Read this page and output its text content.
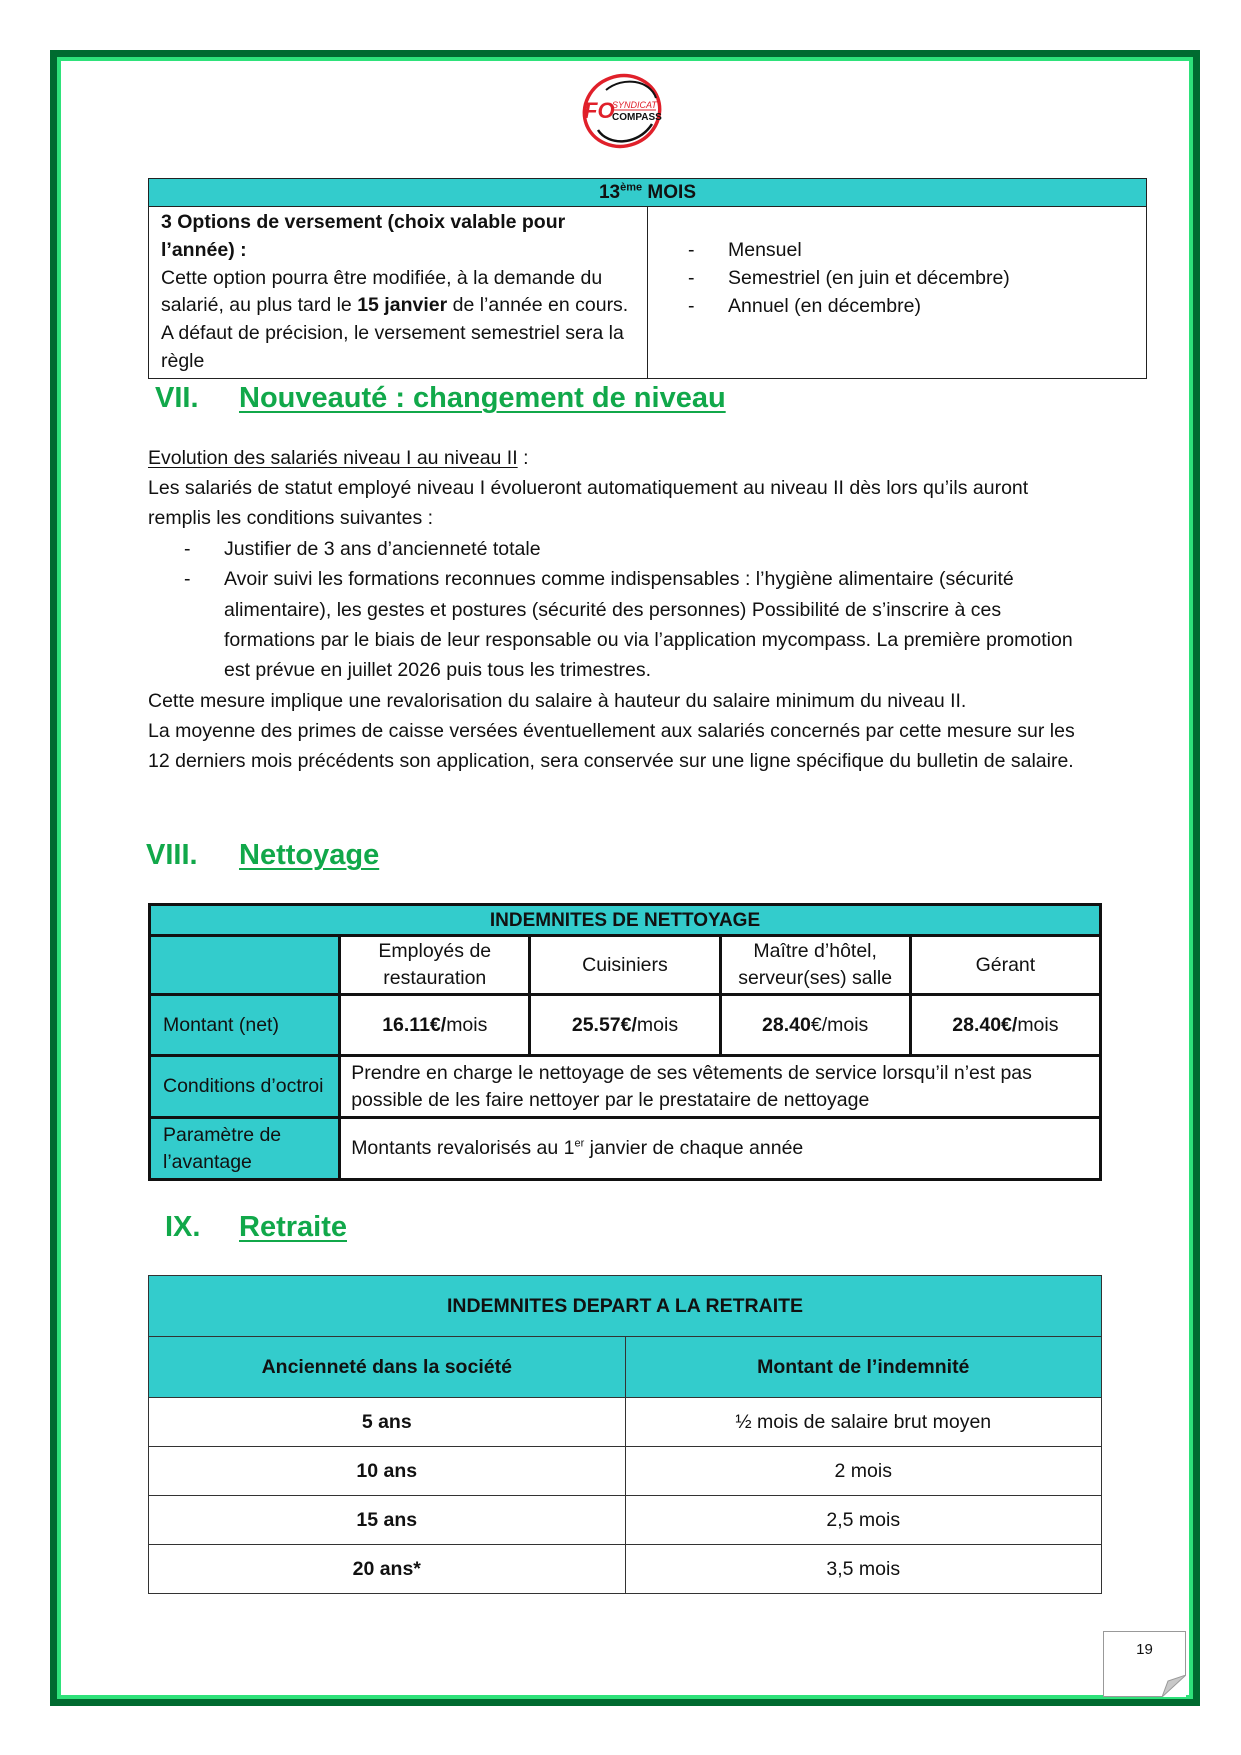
FO
SYNDICAT
COMPASS
13ème MOIS
3 Options de versement (choix valable pour l’année) :
Cette option pourra être modifiée, à la demande du salarié, au plus tard le 15 janvier de l’année en cours. A défaut de précision, le versement semestriel sera la règle	
-	Mensuel
-	Semestriel (en juin et décembre)
-	Annuel (en décembre)
VII. Nouveauté : changement de niveau
Evolution des salariés niveau I au niveau II :
Les salariés de statut employé niveau I évolueront automatiquement au niveau II dès lors qu’ils auront remplis les conditions suivantes :
-	Justifier de 3 ans d’ancienneté totale
-	Avoir suivi les formations reconnues comme indispensables : l’hygiène alimentaire (sécurité alimentaire), les gestes et postures (sécurité des personnes) Possibilité de s’inscrire à ces formations par le biais de leur responsable ou via l’application mycompass. La première promotion est prévue en juillet 2026 puis tous les trimestres.
Cette mesure implique une revalorisation du salaire à hauteur du salaire minimum du niveau II.
La moyenne des primes de caisse versées éventuellement aux salariés concernés par cette mesure sur les 12 derniers mois précédents son application, sera conservée sur une ligne spécifique du bulletin de salaire.
VIII. Nettoyage
INDEMNITES DE NETTOYAGE				
	Employés de restauration	Cuisiniers	Maître d’hôtel, serveur(ses) salle	Gérant
Montant (net)	16.11€/mois	25.57€/mois	28.40€/mois	28.40€/mois
Conditions d’octroi	Prendre en charge le nettoyage de ses vêtements de service lorsqu’il n’est pas possible de les faire nettoyer par le prestataire de nettoyage			
Paramètre de l’avantage	Montants revalorisés au 1er janvier de chaque année			
IX. Retraite
INDEMNITES DEPART A LA RETRAITE	
Ancienneté dans la société	Montant de l’indemnité
5 ans	½ mois de salaire brut moyen
10 ans	2 mois
15 ans	2,5 mois
20 ans*	3,5 mois
19
